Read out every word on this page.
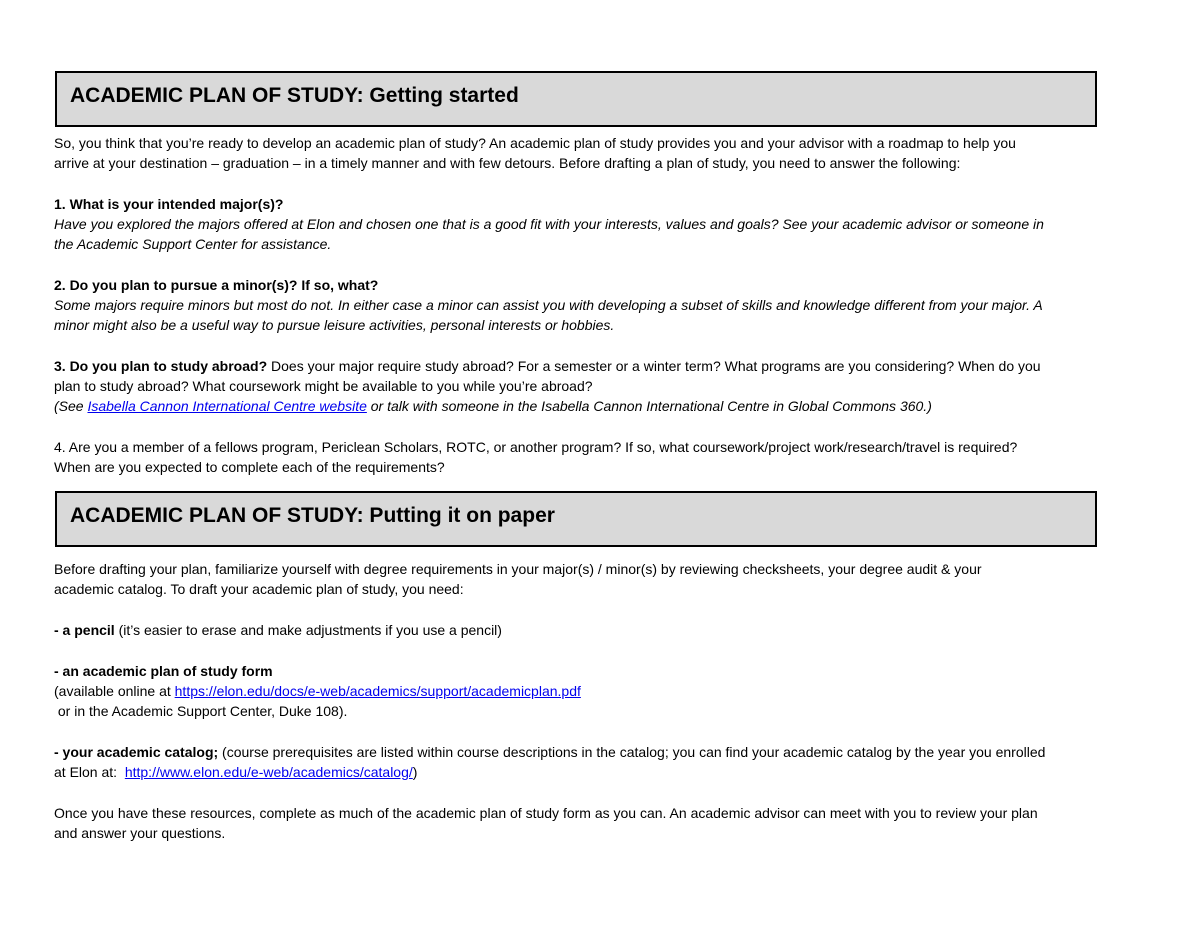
ACADEMIC PLAN OF STUDY: Getting started
So, you think that you’re ready to develop an academic plan of study? An academic plan of study provides you and your advisor with a roadmap to help you
arrive at your destination – graduation – in a timely manner and with few detours. Before drafting a plan of study, you need to answer the following:
1. What is your intended major(s)?
Have you explored the majors offered at Elon and chosen one that is a good fit with your interests, values and goals? See your academic advisor or someone in
the Academic Support Center for assistance.
2. Do you plan to pursue a minor(s)? If so, what?
Some majors require minors but most do not. In either case a minor can assist you with developing a subset of skills and knowledge different from your major. A
minor might also be a useful way to pursue leisure activities, personal interests or hobbies.
3. Do you plan to study abroad? Does your major require study abroad? For a semester or a winter term? What programs are you considering? When do you
plan to study abroad? What coursework might be available to you while you’re abroad?
(See Isabella Cannon International Centre website or talk with someone in the Isabella Cannon International Centre in Global Commons 360.)
4. Are you a member of a fellows program, Periclean Scholars, ROTC, or another program? If so, what coursework/project work/research/travel is required?
When are you expected to complete each of the requirements?
ACADEMIC PLAN OF STUDY: Putting it on paper
Before drafting your plan, familiarize yourself with degree requirements in your major(s) / minor(s) by reviewing checksheets, your degree audit & your
academic catalog. To draft your academic plan of study, you need:
- a pencil (it’s easier to erase and make adjustments if you use a pencil)
- an academic plan of study form
(available online at https://elon.edu/docs/e-web/academics/support/academicplan.pdf
or in the Academic Support Center, Duke 108).
- your academic catalog; (course prerequisites are listed within course descriptions in the catalog; you can find your academic catalog by the year you enrolled
at Elon at:  http://www.elon.edu/e-web/academics/catalog/)
Once you have these resources, complete as much of the academic plan of study form as you can. An academic advisor can meet with you to review your plan
and answer your questions.
